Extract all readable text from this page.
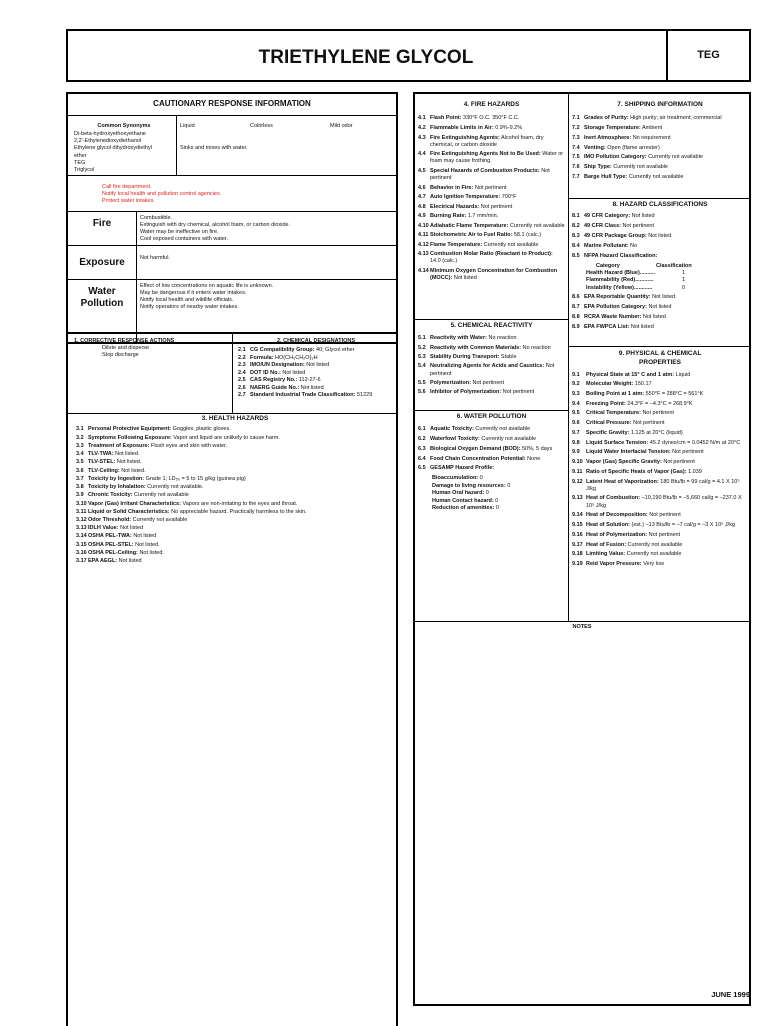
TRIETHYLENE GLYCOL	TEG
CAUTIONARY RESPONSE INFORMATION
Common Synonyms
Di-beta-hydroxyethoxyethane
2,2'-Ethylenedioxydiethanol
Ethylene glycol dihydroxydiethyl
ether
TEG
Triglycol
Liquid	Colorless	Mild odor
Sinks and mixes with water.
Call fire department.
Notify local health and pollution control agencies.
Protect water intakes.
Fire	Combustible.
Extinguish with dry chemical, alcohol foam, or carbon dioxide.
Water may be ineffective on fire.
Cool exposed containers with water.
Exposure	Not harmful.
Water
Pollution
Effect of low concentrations on aquatic life is unknown.
May be dangerous if it enters water intakes.
Notify local health and wildlife officials.
Notify operators of nearby water intakes.
1. CORRECTIVE RESPONSE ACTIONS
Dilute and disperse
Stop discharge
2. CHEMICAL DESIGNATIONS
2.1 CG Compatibility Group: 40; Glycol ether
2.2 Formula: HO(CH₂CH₂O)₃H
2.3 IMO/UN Designation: Not listed
2.4 DOT ID No.: Not listed
2.5 CAS Registry No.: 112-27-6
2.6 NAERG Guide No.: Not listed
2.7 Standard Industrial Trade Classification: 51229
3. HEALTH HAZARDS
3.1 Personal Protective Equipment: Goggles; plastic gloves.
3.2 Symptoms Following Exposure: Vapor and liquid are unlikely to cause harm.
3.3 Treatment of Exposure: Flush eyes and skin with water.
3.4 TLV-TWA: Not listed.
3.5 TLV-STEL: Not listed.
3.6 TLV-Ceiling: Not listed.
3.7 Toxicity by Ingestion: Grade 1; LD₅₀ = 5 to 15 g/kg (guinea pig)
3.8 Toxicity by Inhalation: Currently not available.
3.9 Chronic Toxicity: Currently not available
3.10 Vapor (Gas) Irritant Characteristics: Vapors are non-irritating to the eyes and throat.
3.11 Liquid or Solid Characteristics: No appreciable hazard. Practically harmless to the skin.
3.12 Odor Threshold: Currently not available
3.13 IDLH Value: Not listed
3.14 OSHA PEL-TWA: Not listed
3.15 OSHA PEL-STEL: Not listed.
3.16 OSHA PEL-Ceiling: Not listed.
3.17 EPA AEGL: Not listed
NOTES
4. FIRE HAZARDS
4.1 Flash Point: 330°F O.C. 350°F C.C.
4.2 Flammable Limits in Air: 0.9%-9.2%
4.3 Fire Extinguishing Agents: Alcohol foam, dry chemical, or carbon dioxide
4.4 Fire Extinguishing Agents Not to Be Used: Water or foam may cause frothing.
4.5 Special Hazards of Combustion Products: Not pertinent
4.6 Behavior in Fire: Not pertinent
4.7 Auto Ignition Temperature: 700°F
4.8 Electrical Hazards: Not pertinent
4.9 Burning Rate: 1.7 mm/min.
4.10 Adiabatic Flame Temperature: Currently not available
4.11 Stoichometric Air to Fuel Ratio: 58.1 (calc.)
4.12 Flame Temperature: Currently not available
4.13 Combustion Molar Ratio (Reactant to Product): 14.0 (calc.)
4.14 Minimum Oxygen Concentration for Combustion (MOCC): Not listed
5. CHEMICAL REACTIVITY
5.1 Reactivity with Water: No reaction
5.2 Reactivity with Common Materials: No reaction
5.3 Stability During Transport: Stable
5.4 Neutralizing Agents for Acids and Caustics: Not pertinent
5.5 Polymerization: Not pertinent
5.6 Inhibitor of Polymerization: Not pertinent
6. WATER POLLUTION
6.1 Aquatic Toxicity: Currently not available
6.2 Waterfowl Toxicity: Currently not available
6.3 Biological Oxygen Demand (BOD): 50%, 5 days
6.4 Food Chain Concentration Potential: None
6.5 GESAMP Hazard Profile:
Bioaccumulation: 0
Damage to living resources: 0
Human Oral hazard: 0
Human Contact hazard: 0
Reduction of amenities: 0
7. SHIPPING INFORMATION
7.1 Grades of Purity: High purity; air treatment; commercial
7.2 Storage Temperature: Ambient
7.3 Inert Atmosphere: No requirement
7.4 Venting: Open (flame arrester)
7.5 IMO Pollution Category: Currently not available
7.6 Ship Type: Currently not available
7.7 Barge Hull Type: Currently not available
8. HAZARD CLASSIFICATIONS
8.1 49 CFR Category: Not listed
8.2 49 CFR Class: Not pertinent
8.3 49 CFR Package Group: Not listed.
8.4 Marine Pollutant: No
8.5 NFPA Hazard Classification:
Category	Classification
Health Hazard (Blue)..........	1
Flammability (Red)............	1
Instability (Yellow)............	0
8.6 EPA Reportable Quantity: Not listed.
8.7 EPA Pollution Category: Not listed
8.8 RCRA Waste Number: Not listed
8.9 EPA FWPCA List: Not listed
9. PHYSICAL & CHEMICAL
PROPERTIES
9.1	Physical State at 15° C and 1 atm: Liquid
9.2	Molecular Weight: 150.17
9.3	Boiling Point at 1 atm: 550°F = 288°C = 561°K
9.4	Freezing Point: 24.3°F = –4.3°C = 268.9°K
9.5	Critical Temperature: Not pertinent
9.6	Critical Pressure: Not pertinent
9.7	Specific Gravity: 1.125 at 20°C (liquid)
9.8	Liquid Surface Tension: 45.2 dynes/cm = 0.0452 N/m at 20°C
9.9	Liquid Water Interfacial Tension: Not pertinent
9.10 Vapor (Gas) Specific Gravity: Not pertinent
9.11 Ratio of Specific Heats of Vapor (Gas): 1.039
9.12 Latent Heat of Vaporization: 180 Btu/lb = 99 cal/g = 4.1 X 10⁵ J/kg
9.13 Heat of Combustion: –10,190 Btu/lb = –5,660 cal/g = –237.0 X 10⁵ J/kg
9.14 Heat of Decomposition: Not pertinent
9.15 Heat of Solution: (est.) –13 Btu/lb = –7 cal/g = –3 X 10⁵ J/kg
9.16 Heat of Polymerization: Not pertinent
9.17 Heat of Fusion: Currently not available
9.18 Limiting Value: Currently not available
9.19 Reid Vapor Pressure: Very low
JUNE 1999
